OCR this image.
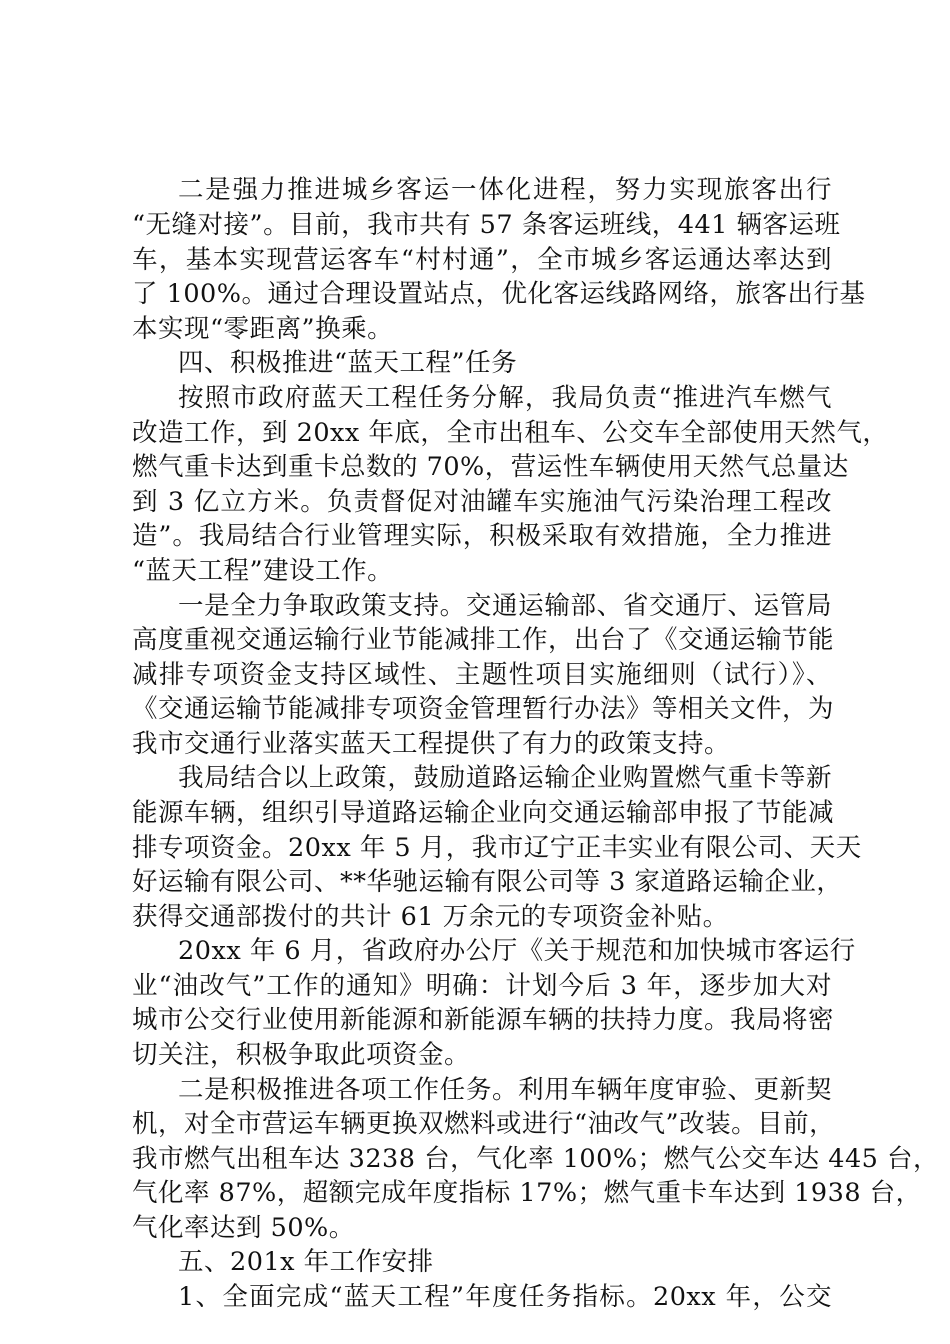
二是强力推进城乡客运一体化进程，努力实现旅客出行
“无缝对接”。目前，我市共有 57 条客运班线，441 辆客运班
车，基本实现营运客车“村村通”，全市城乡客运通达率达到
了 100%。通过合理设置站点，优化客运线路网络，旅客出行基
本实现“零距离”换乘。
四、积极推进“蓝天工程”任务
按照市政府蓝天工程任务分解，我局负责“推进汽车燃气
改造工作，到 20xx 年底，全市出租车、公交车全部使用天然气，
燃气重卡达到重卡总数的 70%，营运性车辆使用天然气总量达
到 3 亿立方米。负责督促对油罐车实施油气污染治理工程改
造”。我局结合行业管理实际，积极采取有效措施，全力推进
“蓝天工程”建设工作。
一是全力争取政策支持。交通运输部、省交通厅、运管局
高度重视交通运输行业节能减排工作，出台了《交通运输节能
减排专项资金支持区域性、主题性项目实施细则（试行）》、
《交通运输节能减排专项资金管理暂行办法》等相关文件，为
我市交通行业落实蓝天工程提供了有力的政策支持。
我局结合以上政策，鼓励道路运输企业购置燃气重卡等新
能源车辆，组织引导道路运输企业向交通运输部申报了节能减
排专项资金。20xx 年 5 月，我市辽宁正丰实业有限公司、天天
好运输有限公司、**华驰运输有限公司等 3 家道路运输企业，
获得交通部拨付的共计 61 万余元的专项资金补贴。
20xx 年 6 月，省政府办公厅《关于规范和加快城市客运行
业“油改气”工作的通知》明确：计划今后 3 年，逐步加大对
城市公交行业使用新能源和新能源车辆的扶持力度。我局将密
切关注，积极争取此项资金。
二是积极推进各项工作任务。利用车辆年度审验、更新契
机，对全市营运车辆更换双燃料或进行“油改气”改装。目前，
我市燃气出租车达 3238 台，气化率 100%；燃气公交车达 445 台，
气化率 87%，超额完成年度指标 17%；燃气重卡车达到 1938 台，
气化率达到 50%。
五、201x 年工作安排
1、全面完成“蓝天工程”年度任务指标。20xx 年，公交
